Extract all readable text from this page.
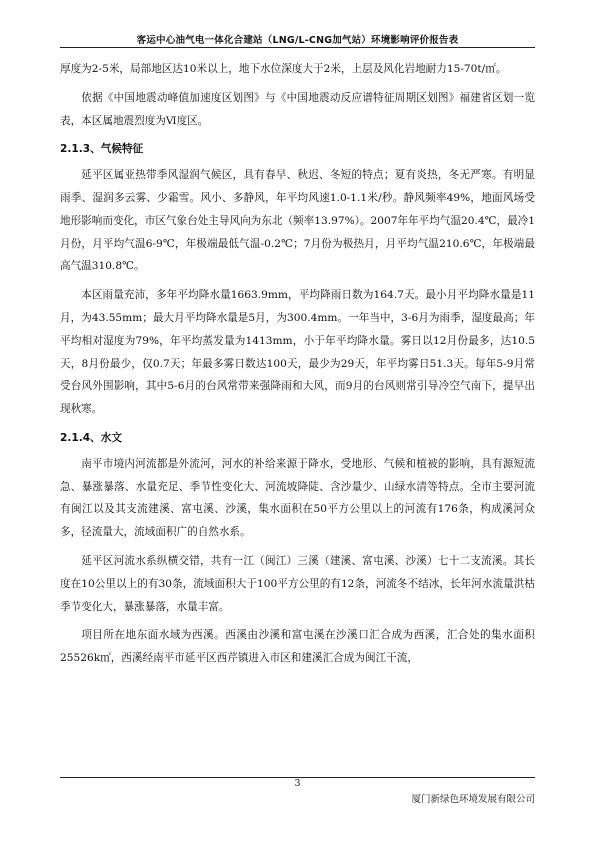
客运中心油气电一体化合建站（LNG/L-CNG加气站）环境影响评价报告表

厚度为2-5米，局部地区达10米以上，地下水位深度大于2米，上层及风化岩地耐力15-70t/㎡。

依据《中国地震动峰值加速度区划图》与《中国地震动反应谱特征周期区划图》福建省区划一览表，本区属地震烈度为Ⅵ度区。

2.1.3、气候特征

延平区属亚热带季风湿润气候区，具有春早、秋迟、冬短的特点；夏有炎热，冬无严寒。有明显雨季、湿润多云雾、少霜雪。风小、多静风，年平均风速1.0-1.1米/秒。静风频率49%，地面风场受地形影响而变化，市区气象台处主导风向为东北（频率13.97%）。2007年年平均气温20.4℃，最冷1月份，月平均气温6-9℃，年极端最低气温-0.2℃；7月份为极热月，月平均气温210.6℃，年极端最高气温310.8℃。

本区雨量充沛，多年平均降水量1663.9mm，平均降雨日数为164.7天。最小月平均降水量是11月，为43.55mm；最大月平均降水量是5月，为300.4mm。一年当中，3-6月为雨季，湿度最高；年平均相对湿度为79%，年平均蒸发量为1413mm，小于年平均降水量。雾日以12月份最多，达10.5天，8月份最少，仅0.7天；年最多雾日数达100天，最少为29天，年平均雾日51.3天。每年5-9月常受台风外围影响，其中5-6月的台风常带来强降雨和大风，而9月的台风则常引导冷空气南下，提早出现秋寒。

2.1.4、水文

南平市境内河流都是外流河，河水的补给来源于降水，受地形、气候和植被的影响，具有源短流急、暴涨暴落、水量充足、季节性变化大、河流坡降陡、含沙量少、山绿水清等特点。全市主要河流有闽江以及其支流建溪、富屯溪、沙溪，集水面积在50平方公里以上的河流有176条，构成溪河众多，径流量大，流域面积广的自然水系。

延平区河流水系纵横交错，共有一江（闽江）三溪（建溪、富屯溪、沙溪）七十二支流溪。其长度在10公里以上的有30条，流域面积大于100平方公里的有12条，河流冬不结冰，长年河水流量洪枯季节变化大，暴涨暴落，水量丰富。

项目所在地东面水域为西溪。西溪由沙溪和富屯溪在沙溪口汇合成为西溪，汇合处的集水面积25526k㎡，西溪经南平市延平区西芹镇进入市区和建溪汇合成为闽江干流，

3
厦门新绿色环境发展有限公司
